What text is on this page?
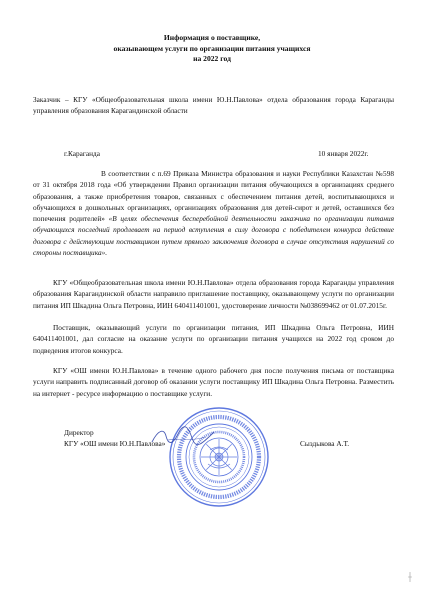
Информация о поставщике,
оказывающем услуги по организации питания учащихся
на 2022 год
Заказчик – КГУ «Общеобразовательная школа имени Ю.Н.Павлова» отдела образования города Караганды управления образования Карагандинской области
г.Караганда	10 января 2022г.
В соответствии с п.69 Приказа Министра образования и науки Республики Казахстан №598 от 31 октября 2018 года «Об утверждении Правил организации питания обучающихся в организациях среднего образования, а также приобретения товаров, связанных с обеспечением питания детей, воспитывающихся и обучающихся в дошкольных организациях, организациях образования для детей-сирот и детей, оставшихся без попечения родителей» «В целях обеспечения бесперебойной деятельности заказчика по организации питания обучающихся последний продлевает на период вступления в силу договора с победителем конкурса действие договора с действующим поставщиком путем прямого заключения договора в случае отсутствия нарушений со стороны поставщика».
КГУ «Общеобразовательная школа имени Ю.Н.Павлова» отдела образования города Караганды управления образования Карагандинской области направило приглашение поставщику, оказывающему услуги по организации питания ИП Шкадина Ольга Петровна, ИИН 640411401001, удостоверение личности №038699462 от 01.07.2015г.
Поставщик, оказывающий услуги по организации питания, ИП Шкадина Ольга Петровна, ИИН 640411401001, дал согласие на оказание услуги по организации питания учащихся на 2022 год сроком до подведения итогов конкурса.
КГУ «ОШ имени Ю.Н.Павлова» в течение одного рабочего дня после получения письма от поставщика услуги направить подписанный договор об оказании услуги поставщику ИП Шкадина Ольга Петровна. Разместить на интернет - ресурсе информацию о поставщике услуги.
Директор
КГУ «ОШ имени Ю.Н.Павлова»	Сыздыкова А.Т.
